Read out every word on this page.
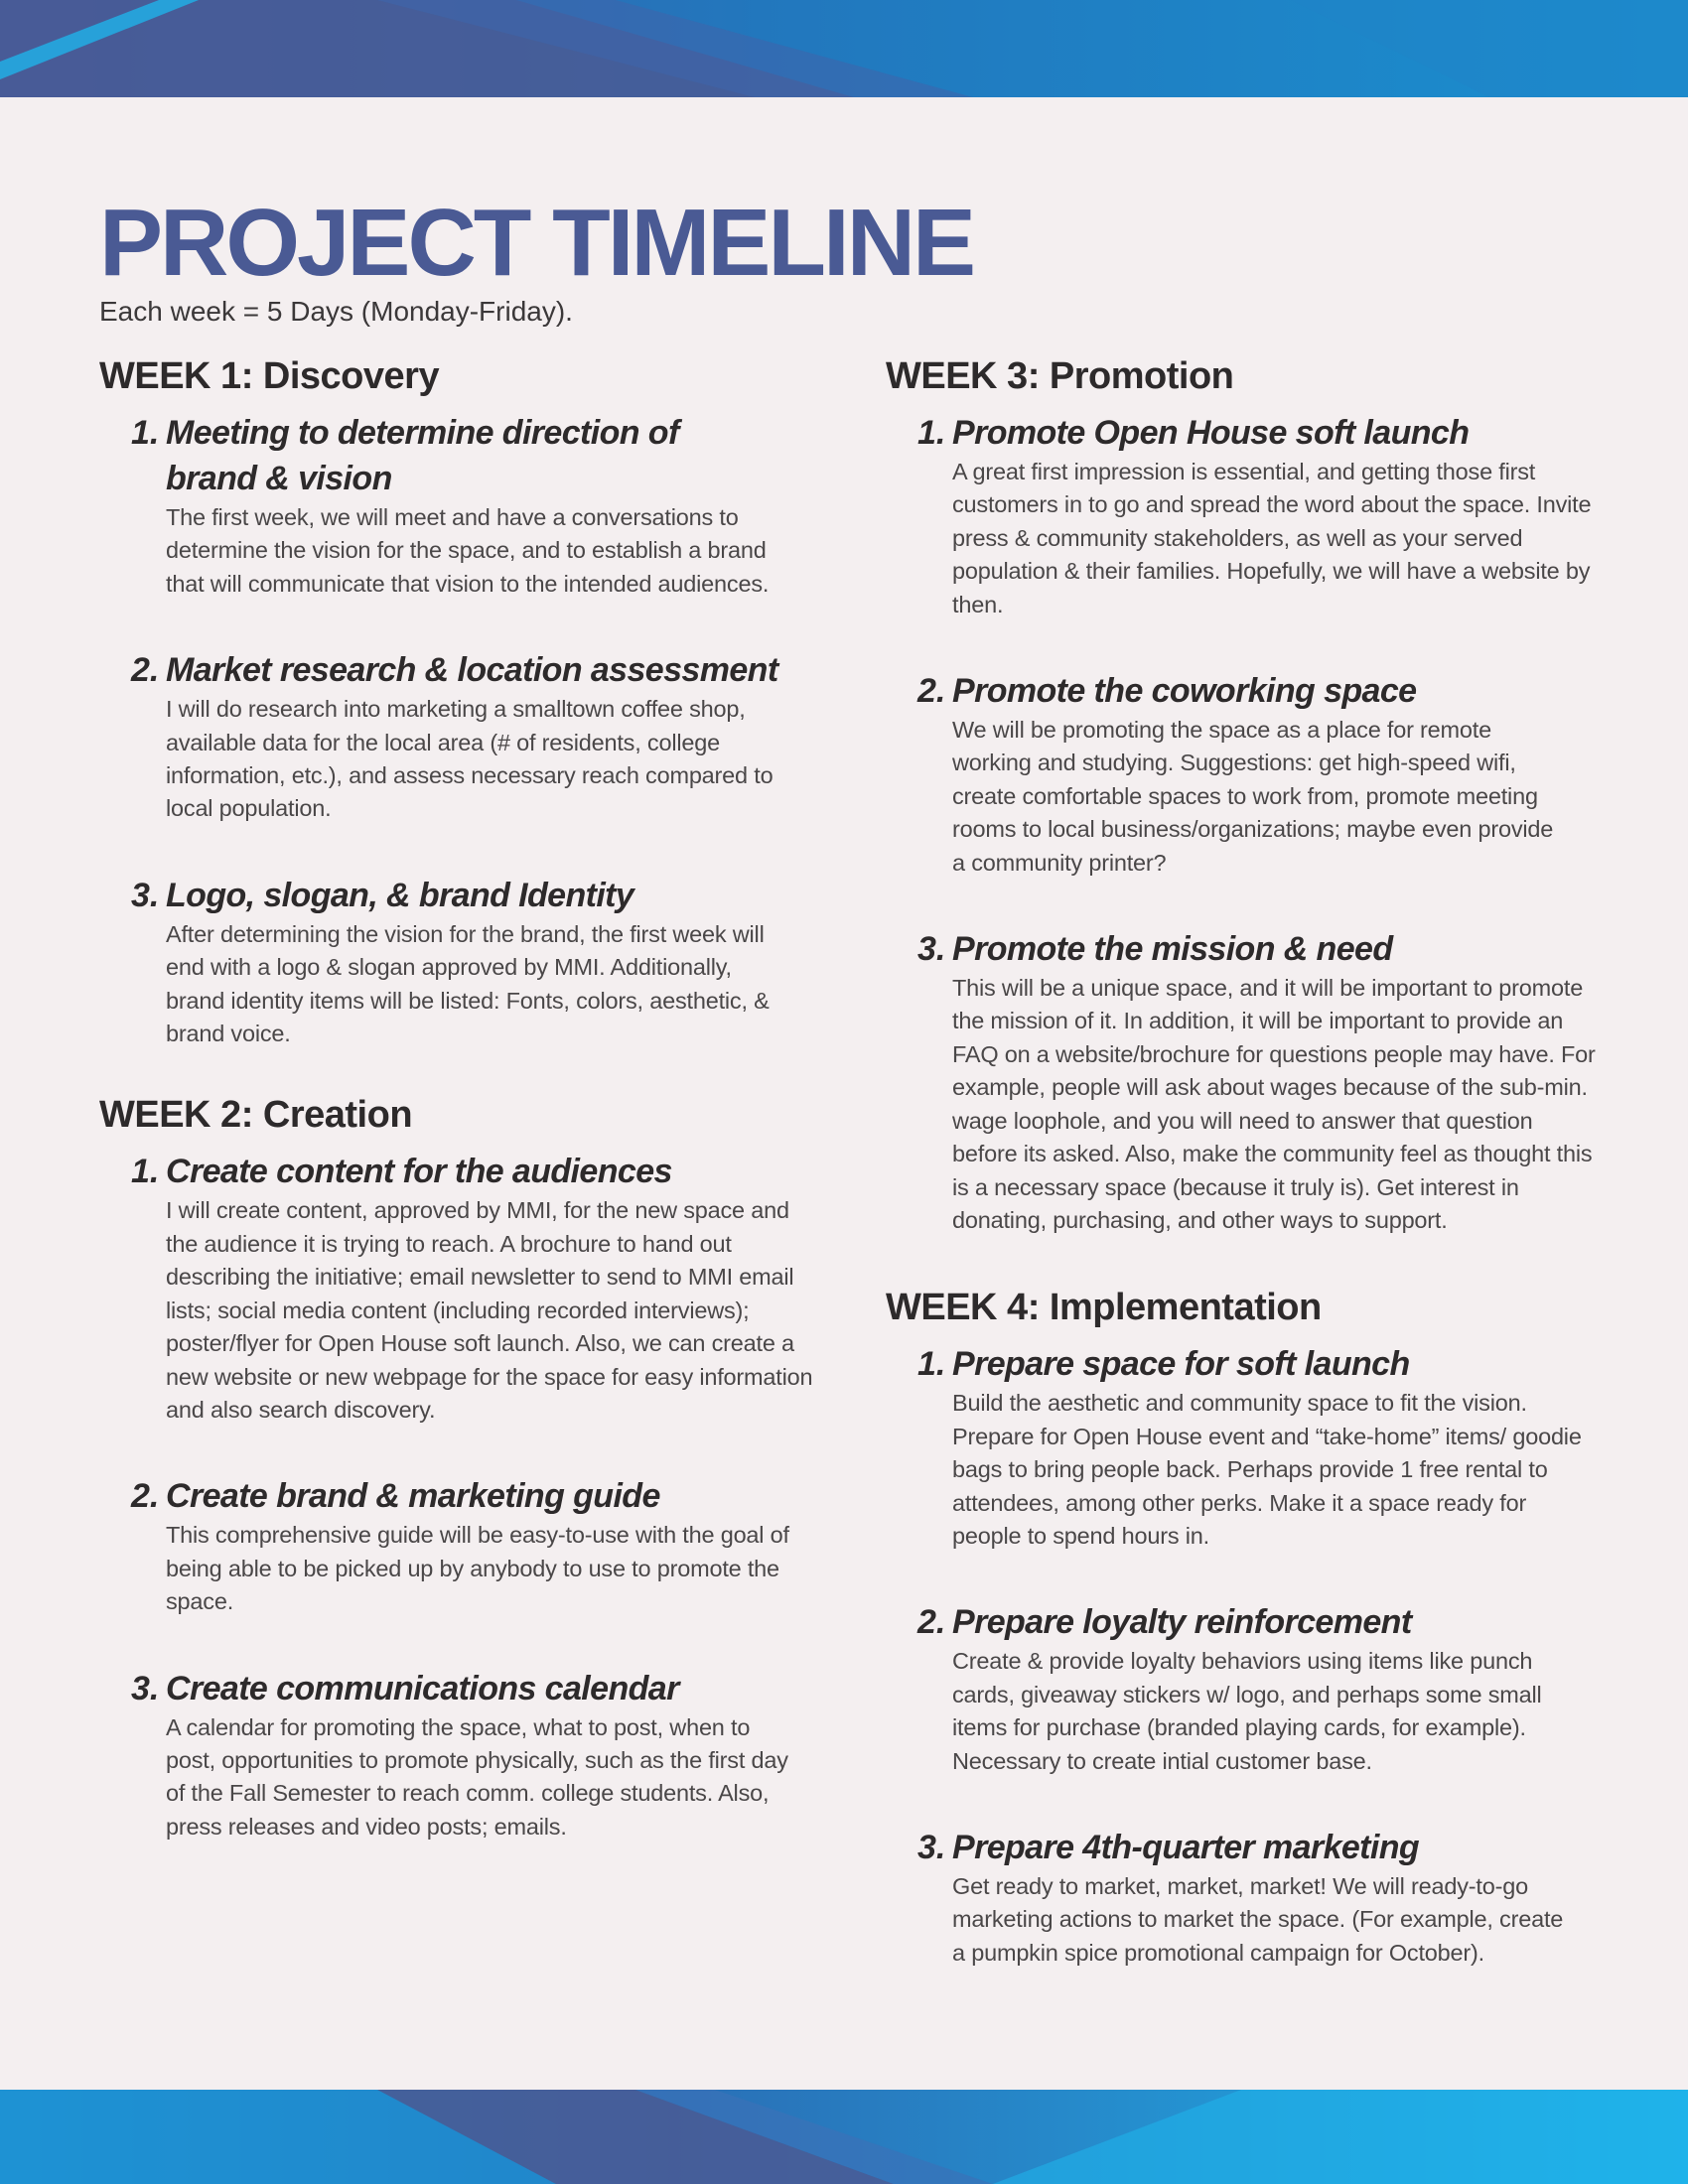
PROJECT TIMELINE
Each week = 5 Days (Monday-Friday).
WEEK 1: Discovery
1. Meeting to determine direction of brand & vision
The first week, we will meet and have a conversations to determine the vision for the space, and to establish a brand that will communicate that vision to the intended audiences.
2. Market research & location assessment
I will do research into marketing a smalltown coffee shop, available data for the local area (# of residents, college information, etc.), and assess necessary reach compared to local population.
3. Logo, slogan, & brand Identity
After determining the vision for the brand, the first week will end with a logo & slogan approved by MMI. Additionally, brand identity items will be listed: Fonts, colors, aesthetic, & brand voice.
WEEK 2: Creation
1. Create content for the audiences
I will create content, approved by MMI, for the new space and the audience it is trying to reach. A brochure to hand out describing the initiative; email newsletter to send to MMI email lists; social media content (including recorded interviews); poster/flyer for Open House soft launch. Also, we can create a new website or new webpage for the space for easy information and also search discovery.
2. Create brand & marketing guide
This comprehensive guide will be easy-to-use with the goal of being able to be picked up by anybody to use to promote the space.
3. Create communications calendar
A calendar for promoting the space, what to post, when to post, opportunities to promote physically, such as the first day of the Fall Semester to reach comm. college students. Also, press releases and video posts; emails.
WEEK 3: Promotion
1. Promote Open House soft launch
A great first impression is essential, and getting those first customers in to go and spread the word about the space. Invite press & community stakeholders, as well as your served population & their families. Hopefully, we will have a website by then.
2. Promote the coworking space
We will be promoting the space as a place for remote working and studying. Suggestions: get high-speed wifi, create comfortable spaces to work from, promote meeting rooms to local business/organizations; maybe even provide a community printer?
3. Promote the mission & need
This will be a unique space, and it will be important to promote the mission of it. In addition, it will be important to provide an FAQ on a website/brochure for questions people may have. For example, people will ask about wages because of the sub-min. wage loophole, and you will need to answer that question before its asked. Also, make the community feel as thought this is a necessary space (because it truly is). Get interest in donating, purchasing, and other ways to support.
WEEK 4: Implementation
1. Prepare space for soft launch
Build the aesthetic and community space to fit the vision. Prepare for Open House event and “take-home” items/ goodie bags to bring people back. Perhaps provide 1 free rental to attendees, among other perks. Make it a space ready for people to spend hours in.
2. Prepare loyalty reinforcement
Create & provide loyalty behaviors using items like punch cards, giveaway stickers w/ logo, and perhaps some small items for purchase (branded playing cards, for example). Necessary to create intial customer base.
3. Prepare 4th-quarter marketing
Get ready to market, market, market! We will ready-to-go marketing actions to market the space. (For example, create a pumpkin spice promotional campaign for October).
